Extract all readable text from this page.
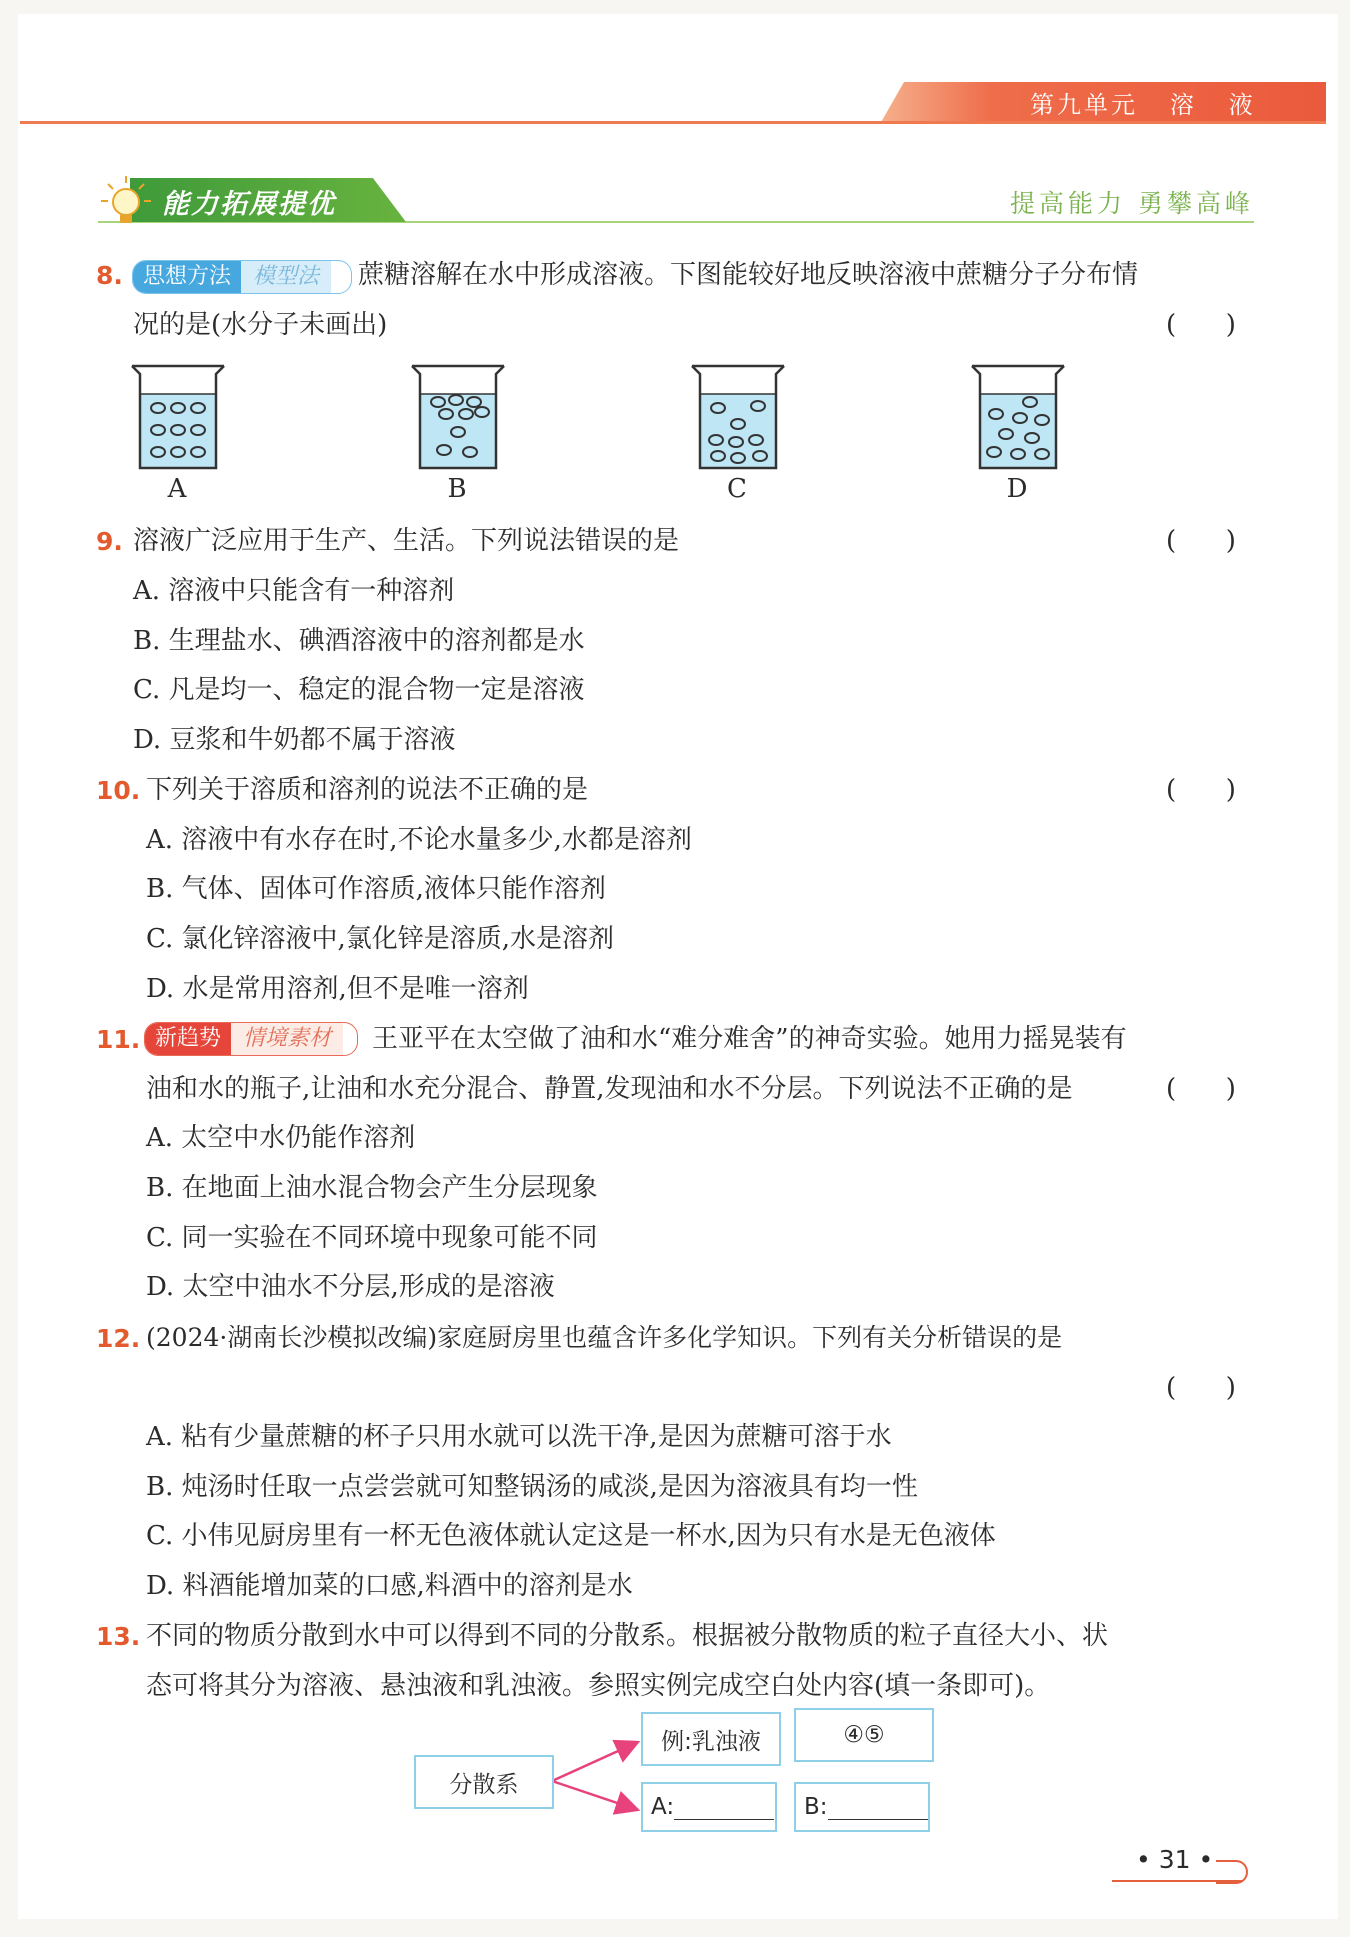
第九单元   溶   液
能力拓展提优	提高能力 勇攀高峰
8. 思想方法	模型法	蔗糖溶解在水中形成溶液。下图能较好地反映溶液中蔗糖分子分布情
况的是(水分子未画出)	(      )
A	B	C	D
9. 溶液广泛应用于生产、生活。下列说法错误的是	(      )
A. 溶液中只能含有一种溶剂
B. 生理盐水、碘酒溶液中的溶剂都是水
C. 凡是均一、稳定的混合物一定是溶液
D. 豆浆和牛奶都不属于溶液
10. 下列关于溶质和溶剂的说法不正确的是	(      )
A. 溶液中有水存在时,不论水量多少,水都是溶剂
B. 气体、固体可作溶质,液体只能作溶剂
C. 氯化锌溶液中,氯化锌是溶质,水是溶剂
D. 水是常用溶剂,但不是唯一溶剂
11. 新趋势	情境素材	王亚平在太空做了油和水“难分难舍”的神奇实验。她用力摇晃装有
油和水的瓶子,让油和水充分混合、静置,发现油和水不分层。下列说法不正确的是	(      )
A. 太空中水仍能作溶剂
B. 在地面上油水混合物会产生分层现象
C. 同一实验在不同环境中现象可能不同
D. 太空中油水不分层,形成的是溶液
12. (2024·湖南长沙模拟改编)家庭厨房里也蕴含许多化学知识。下列有关分析错误的是
(      )
A. 粘有少量蔗糖的杯子只用水就可以洗干净,是因为蔗糖可溶于水
B. 炖汤时任取一点尝尝就可知整锅汤的咸淡,是因为溶液具有均一性
C. 小伟见厨房里有一杯无色液体就认定这是一杯水,因为只有水是无色液体
D. 料酒能增加菜的口感,料酒中的溶剂是水
13. 不同的物质分散到水中可以得到不同的分散系。根据被分散物质的粒子直径大小、状
态可将其分为溶液、悬浊液和乳浊液。参照实例完成空白处内容(填一条即可)。
分散系
例:乳浊液	④⑤
A:	B:
• 31 •
